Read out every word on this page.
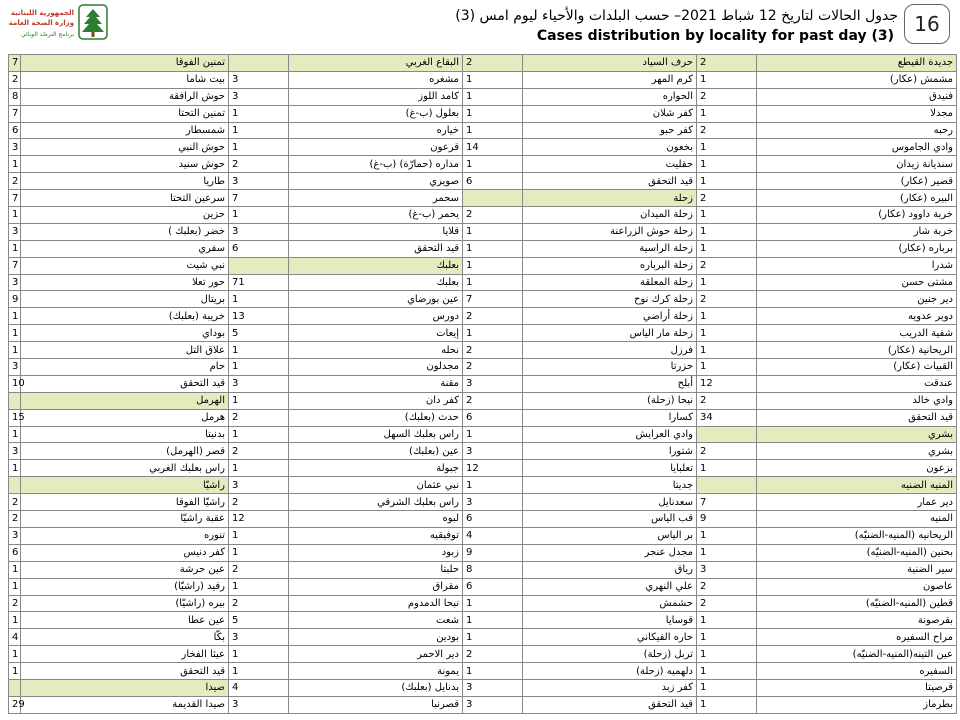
الجمهورية اللبنانية
وزارة الصحة العامة
برنامج الترصّد الوبائي
جدول الحالات لتاريخ 12 شباط 2021– حسب البلدات والأحياء ليوم امس (3)
Cases distribution by locality for past day (3)	16
7	تمنين الفوقا		البقاع الغربي	2	حرف السياد	2	جديدة القيطع
2	بيت شاما	3	مشغره	1	كرم المهر	1	مشمش (عكار)
8	حوش الرافقة	3	كامد اللوز	1	الحواره	2	فنيدق
7	تمنين التحتا	1	بعلول (ب-غ)	1	كفر شلان	1	مجدلا
6	شمسطار	1	خياره	1	كفر حبو	2	رحبه
3	حوش النبي	1	قرعون	14	بخعون	1	وادي الجاموس
1	حوش سنيد	2	مداره (حمارّة) (ب-غ)	1	حقليت	1	سنديانة زيدان
2	طاريا	3	صويري	6	قيد التحقق	1	قصير (عكار)
7	سرعين التحتا	7	سحمر		زحلة	2	البيره (عكار)
1	حزين	1	يحمر (ب-غ)	2	زحلة الميدان	1	خربة داوود (عكار)
3	خضر (بعلبك )	3	قلايا	1	زحلة حوش الزراعنة	1	خربة شار
1	سفري	6	قيد التحقق	1	زحلة الراسية	1	برباره (عكار)
7	نبي شيت		بعلبك	1	زحلة البرباره	2	شدرا
3	حور تعلا	71	بعلبك	1	زحلة المعلقة	1	مشتى حسن
9	بريتال	1	عين بورضاي	7	زحلة كرك نوح	2	دير جنين
1	خريبة (بعلبك)	13	دورس	2	زحلة أراضي	1	دوير عدويه
1	بوداي	5	إيعات	1	زحلة مار الياس	1	شفية الدريب
1	علاق التل	1	نحله	2	فرزل	1	الريحانية (عكار)
3	حام	1	مجدلون	2	حزرتا	1	القبيات (عكار)
10	قيد التحقق	3	مقنة	3	أبلح	12	عندقت
	الهرمل	1	كفر دان	2	نيحا (زحلة)	2	وادي خالد
15	هرمل	2	حدث (بعلبك)	6	كسارا	34	قيد التحقق
1	بدنيتا	1	راس بعلبك السهل	1	وادي العرايش		بشري
3	قصر (الهرمل)	2	عين (بعلبك)	3	شتورا	2	بشري
1	راس بعلبك الغربي	1	جبولة	12	تعلبايا	1	بزعون
	راشيّا	3	نبي عثمان	1	جديتا		المنيه الضنيه
2	راشيّا الفوقا	2	راس بعلبك الشرقي	3	سعدنايل	7	دير عمار
2	عقبة راشيّا	12	لبوه	6	قب الياس	9	المنيه
3	تنوره	1	توفيقيه	4	بر الياس	1	الريحانيه (المنيه-الضنيّه)
6	كفر دنيس	1	زبود	9	مجدل عنجر	1	بحنين (المنيه-الضنيّه)
1	عين حرشة	2	حلبتا	8	رياق	3	سير الضنية
1	رفيد (راشيّا)	1	مقراق	6	علي النهري	2	عاصون
2	بيره (راشيّا)	2	نبحا الدمدوم	1	حشمش	2	قطين (المنيه-الضنيّه)
1	عين عطا	5	شعت	1	قوسايا	1	بقرصونة
4	بكّا	3	بودين	1	حاره الفيكاني	1	مراح السفيره
1	عيثا الفخار	1	دير الاحمر	2	تربل (زحلة)	1	عين التينه(المنيه-الضنيّه)
1	قيد التحقق	1	يمونة	1	دلهميه (زحلة)	1	السفيره
	صيدا	4	بدنايل (بعلبك)	3	كفر زبد	1	قرصيتا
29	صيدا القديمة	3	قصرنبا	3	قيد التحقق	1	بطرماز
